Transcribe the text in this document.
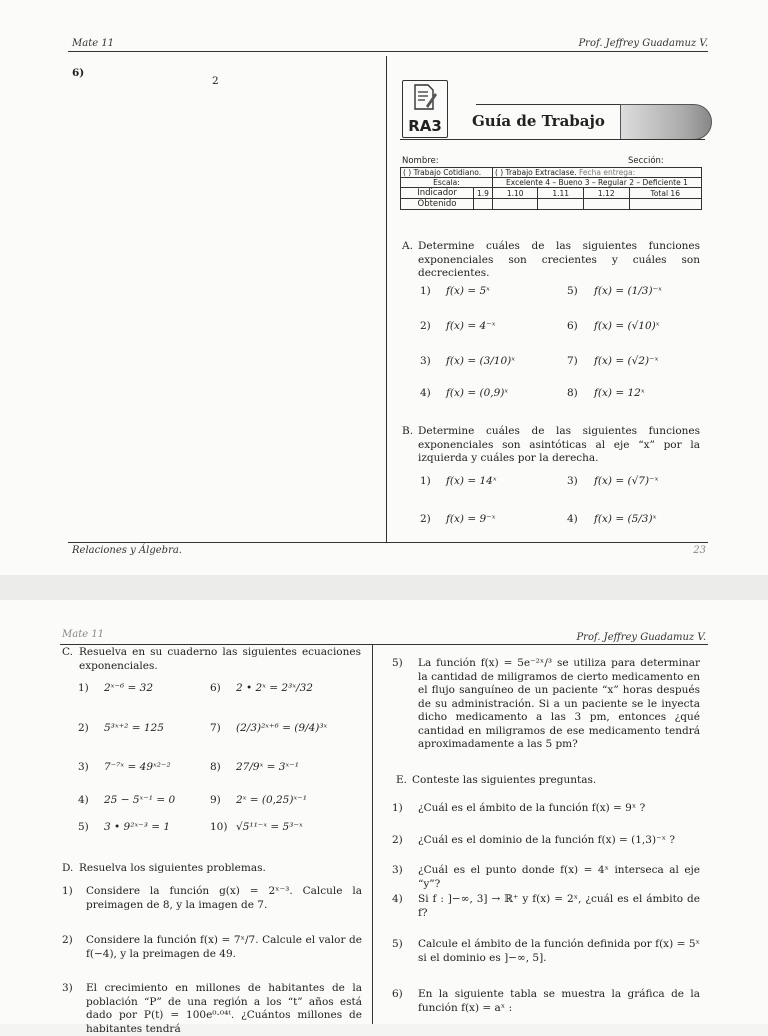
Mate 11	Prof. Jeffrey Guadamuz V.
6)
2
RA3	Guía de Trabajo
Nombre:	Sección:
( ) Trabajo Cotidiano.		( ) Trabajo Extraclase. Fecha entrega:			
Escala:		Excelente 4 – Bueno 3 – Regular 2 – Deficiente 1			
Indicador	1.9	1.10	1.11	1.12	Total 16
Obtenido					
A. Determine cuáles de las siguientes funciones exponenciales son crecientes y cuáles son decrecientes.
1) f(x) = 5ˣ
2) f(x) = 4⁻ˣ
3) f(x) = (3/10)ˣ
4) f(x) = (0,9)ˣ
5) f(x) = (1/3)⁻ˣ
6) f(x) = (√10)ˣ
7) f(x) = (√2)⁻ˣ
8) f(x) = 12ˣ
B. Determine cuáles de las siguientes funciones exponenciales son asintóticas al eje “x” por la izquierda y cuáles por la derecha.
1) f(x) = 14ˣ
2) f(x) = 9⁻ˣ
3) f(x) = (√7)⁻ˣ
4) f(x) = (5/3)ˣ
Relaciones y Álgebra.	23
Mate 11	Prof. Jeffrey Guadamuz V.
C. Resuelva en su cuaderno las siguientes ecuaciones exponenciales.
1) 2ˣ⁻⁶ = 32
2) 5³ˣ⁺² = 125
3) 7⁻⁷ˣ = 49ˣ²⁻²
4) 25 − 5ˣ⁻¹ = 0
5) 3 • 9²ˣ⁻³ = 1
6) 2 • 2ˣ = 2³ˣ/32
7) (2/3)²ˣ⁺⁶ = (9/4)³ˣ
8) 27/9ˣ = 3ˣ⁻¹
9) 2ˣ = (0,25)ˣ⁻¹
10) √5¹¹⁻ˣ = 5³⁻ˣ
D. Resuelva los siguientes problemas.
1) Considere la función g(x) = 2ˣ⁻³. Calcule la preimagen de 8, y la imagen de 7.
2) Considere la función f(x) = 7ˣ/7. Calcule el valor de f(−4), y la preimagen de 49.
3) El crecimiento en millones de habitantes de la población “P” de una región a los “t” años está dado por P(t) = 100e⁰·⁰⁴ᵗ. ¿Cuántos millones de habitantes tendrá
5) La función f(x) = 5e⁻²ˣ/³ se utiliza para determinar la cantidad de miligramos de cierto medicamento en el flujo sanguíneo de un paciente “x” horas después de su administración. Si a un paciente se le inyecta dicho medicamento a las 3 pm, entonces ¿qué cantidad en miligramos de ese medicamento tendrá aproximadamente a las 5 pm?
E. Conteste las siguientes preguntas.
1) ¿Cuál es el ámbito de la función f(x) = 9ˣ ?
2) ¿Cuál es el dominio de la función f(x) = (1,3)⁻ˣ ?
3) ¿Cuál es el punto donde f(x) = 4ˣ interseca al eje “y”?
4) Si f : ]−∞, 3] → ℝ⁺ y f(x) = 2ˣ, ¿cuál es el ámbito de f?
5) Calcule el ámbito de la función definida por f(x) = 5ˣ si el dominio es ]−∞, 5].
6) En la siguiente tabla se muestra la gráfica de la función f(x) = aˣ :
